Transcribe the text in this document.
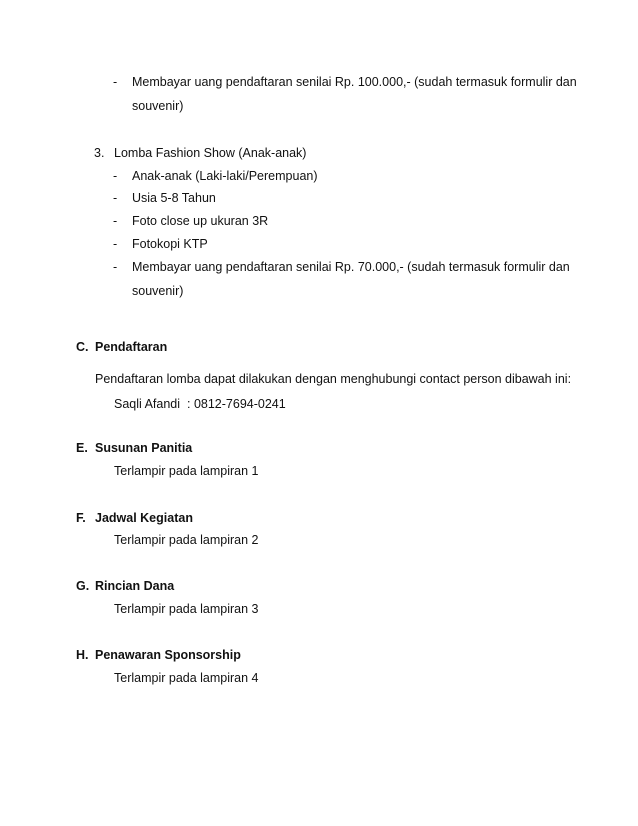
- Membayar uang pendaftaran senilai Rp. 100.000,- (sudah termasuk formulir dan
souvenir)
3. Lomba Fashion Show (Anak-anak)
- Anak-anak (Laki-laki/Perempuan)
- Usia 5-8 Tahun
- Foto close up ukuran 3R
- Fotokopi KTP
- Membayar uang pendaftaran senilai Rp. 70.000,- (sudah termasuk formulir dan
souvenir)
C. Pendaftaran
Pendaftaran lomba dapat dilakukan dengan menghubungi contact person dibawah ini:
Saqli Afandi : 0812-7694-0241
E. Susunan Panitia
Terlampir pada lampiran 1
F. Jadwal Kegiatan
Terlampir pada lampiran 2
G. Rincian Dana
Terlampir pada lampiran 3
H. Penawaran Sponsorship
Terlampir pada lampiran 4
